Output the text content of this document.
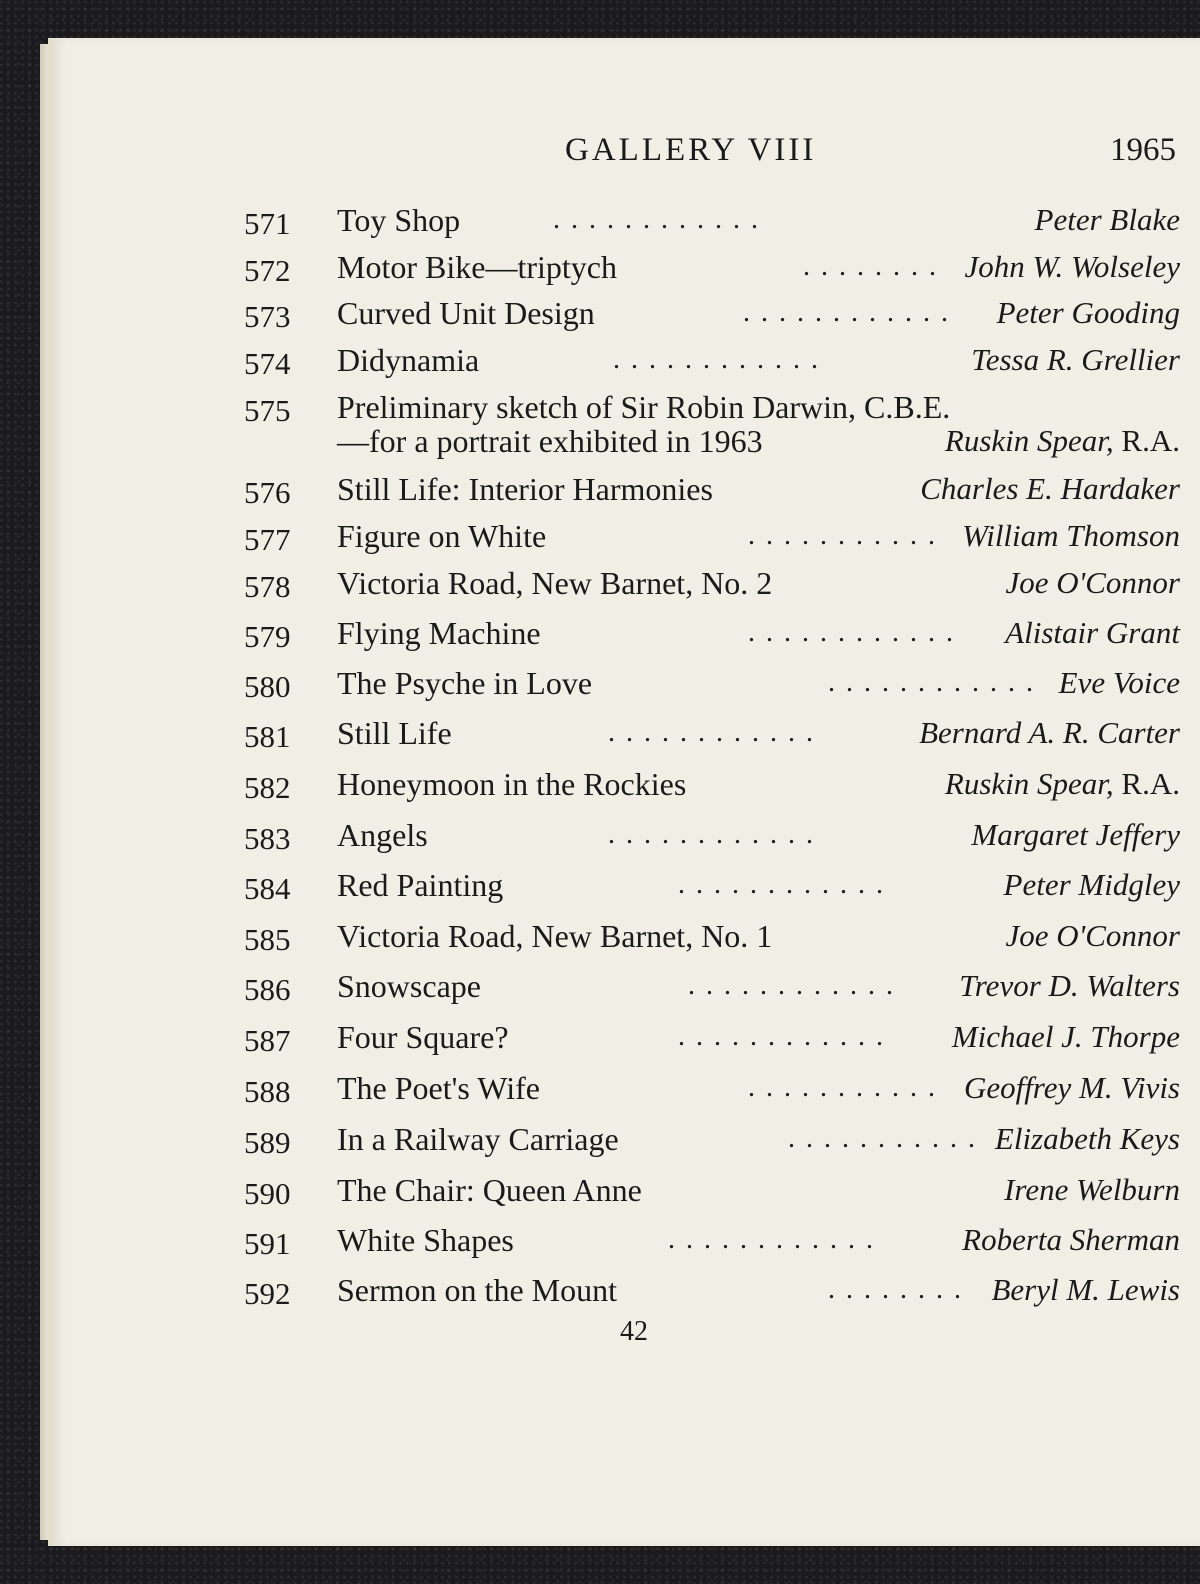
GALLERY VIII	1965
571 Toy Shop	. . . . . . . . . . . .	Peter Blake
572 Motor Bike—triptych	. . . . . . . . John W. Wolseley
573 Curved Unit Design	. . . . . . . . . . . . Peter Gooding
574 Didynamia	. . . . . . . . . . . .	Tessa R. Grellier
575 Preliminary sketch of Sir Robin Darwin, C.B.E.
—for a portrait exhibited in 1963	Ruskin Spear, R.A.
576 Still Life: Interior Harmonies	Charles E. Hardaker
577 Figure on White	. . . . . . . . . . . William Thomson
578 Victoria Road, New Barnet, No. 2	Joe O'Connor
579 Flying Machine	. . . . . . . . . . . . Alistair Grant
580 The Psyche in Love	. . . . . . . . . . . . Eve Voice
581 Still Life	. . . . . . . . . . . .	Bernard A. R. Carter
582 Honeymoon in the Rockies	Ruskin Spear, R.A.
583 Angels	. . . . . . . . . . . .	Margaret Jeffery
584 Red Painting	. . . . . . . . . . . .	Peter Midgley
585 Victoria Road, New Barnet, No. 1	Joe O'Connor
586 Snowscape	. . . . . . . . . . . . Trevor D. Walters
587 Four Square?	. . . . . . . . . . . . Michael J. Thorpe
588 The Poet's Wife	. . . . . . . . . . . Geoffrey M. Vivis
589 In a Railway Carriage	. . . . . . . . . . . Elizabeth Keys
590 The Chair: Queen Anne	Irene Welburn
591 White Shapes	. . . . . . . . . . . .	Roberta Sherman
592 Sermon on the Mount	. . . . . . . . Beryl M. Lewis
42
